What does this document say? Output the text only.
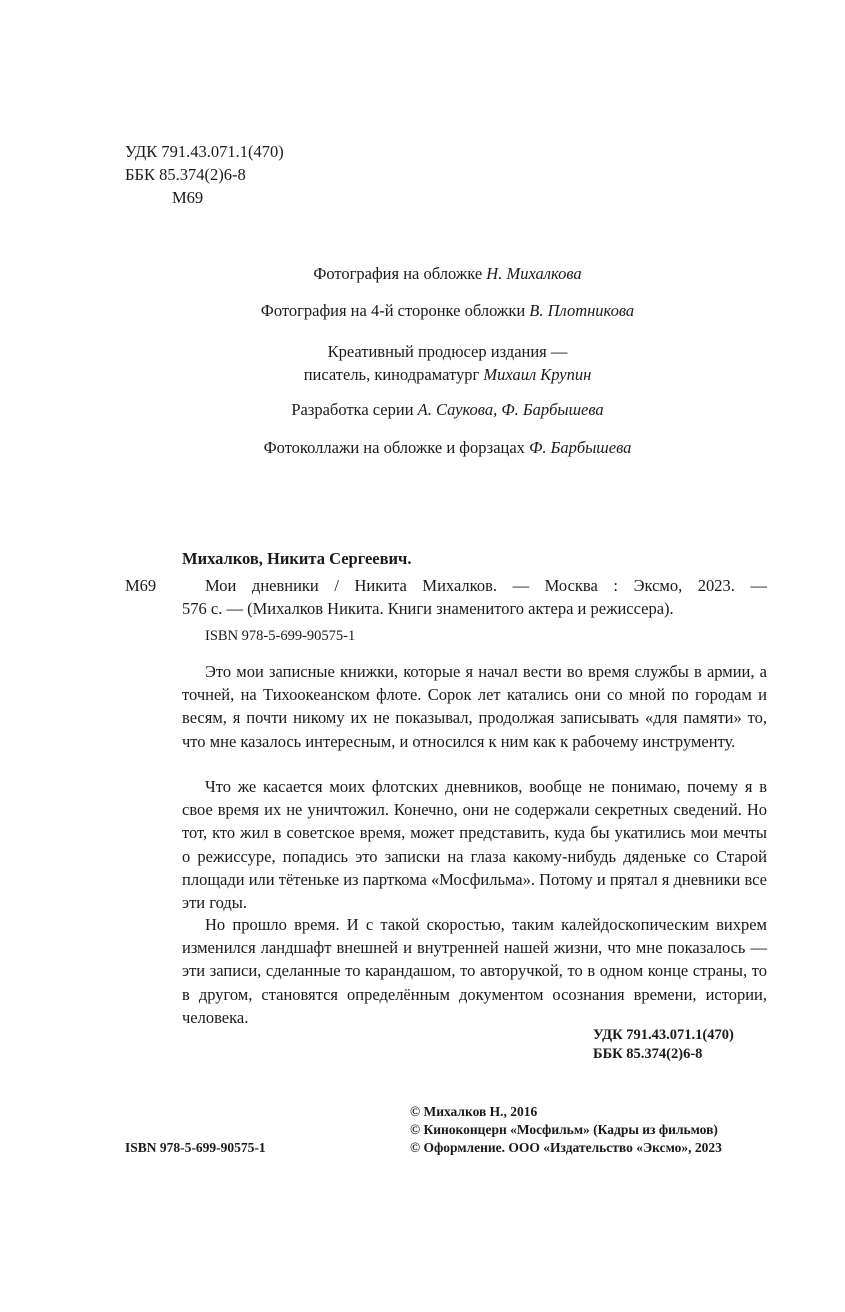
УДК 791.43.071.1(470)

ББК 85.374(2)6-8

М69

Фотография на обложке Н. Михалкова

Фотография на 4-й сторонке обложки В. Плотникова

Креативный продюсер издания —
писатель, кинодраматург Михаил Крупин

Разработка серии А. Саукова, Ф. Барбышева

Фотоколлажи на обложке и форзацах Ф. Барбышева

Михалков, Никита Сергеевич.

М69	Мои дневники / Никита Михалков. — Москва : Эксмо, 2023. —

576 с. — (Михалков Никита. Книги знаменитого актера и режиссера).

ISBN 978-5-699-90575-1

Это мои записные книжки, которые я начал вести во время службы в армии, а точней, на Тихоокеанском флоте. Сорок лет катались они со мной по городам и весям, я почти никому их не показывал, продолжая записывать «для памяти» то, что мне казалось интересным, и относился к ним как к рабочему инструменту.

Что же касается моих флотских дневников, вообще не понимаю, почему я в свое время их не уничтожил. Конечно, они не содержали секретных сведений. Но тот, кто жил в советское время, может представить, куда бы укатились мои мечты о режиссуре, попадись это записки на глаза какому-нибудь дяденьке со Старой площади или тётеньке из парткома «Мосфильма». Потому и прятал я дневники все эти годы.

Но прошло время. И с такой скоростью, таким калейдоскопическим вихрем изменился ландшафт внешней и внутренней нашей жизни, что мне показалось — эти записи, сделанные то карандашом, то авторучкой, то в одном конце страны, то в другом, становятся определённым документом осознания времени, истории, человека.

УДК 791.43.071.1(470)

ББК 85.374(2)6-8

© Михалков Н., 2016

© Киноконцерн «Мосфильм» (Кадры из фильмов)

© Оформление. ООО «Издательство «Эксмо», 2023

ISBN 978-5-699-90575-1
